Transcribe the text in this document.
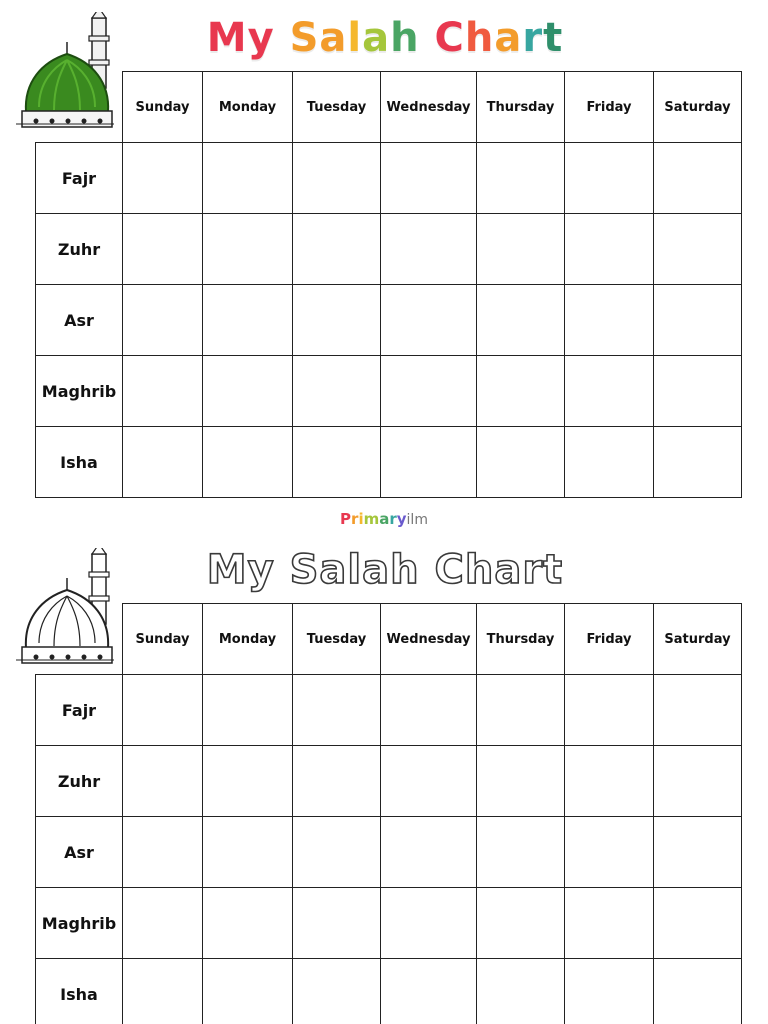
My Salah Chart
Sunday	Monday	Tuesday	Wednesday	Thursday	Friday	Saturday
Fajr
Zuhr
Asr
Maghrib
Isha
Primaryilm
My Salah Chart
Sunday	Monday	Tuesday	Wednesday	Thursday	Friday	Saturday
Fajr
Zuhr
Asr
Maghrib
Isha
